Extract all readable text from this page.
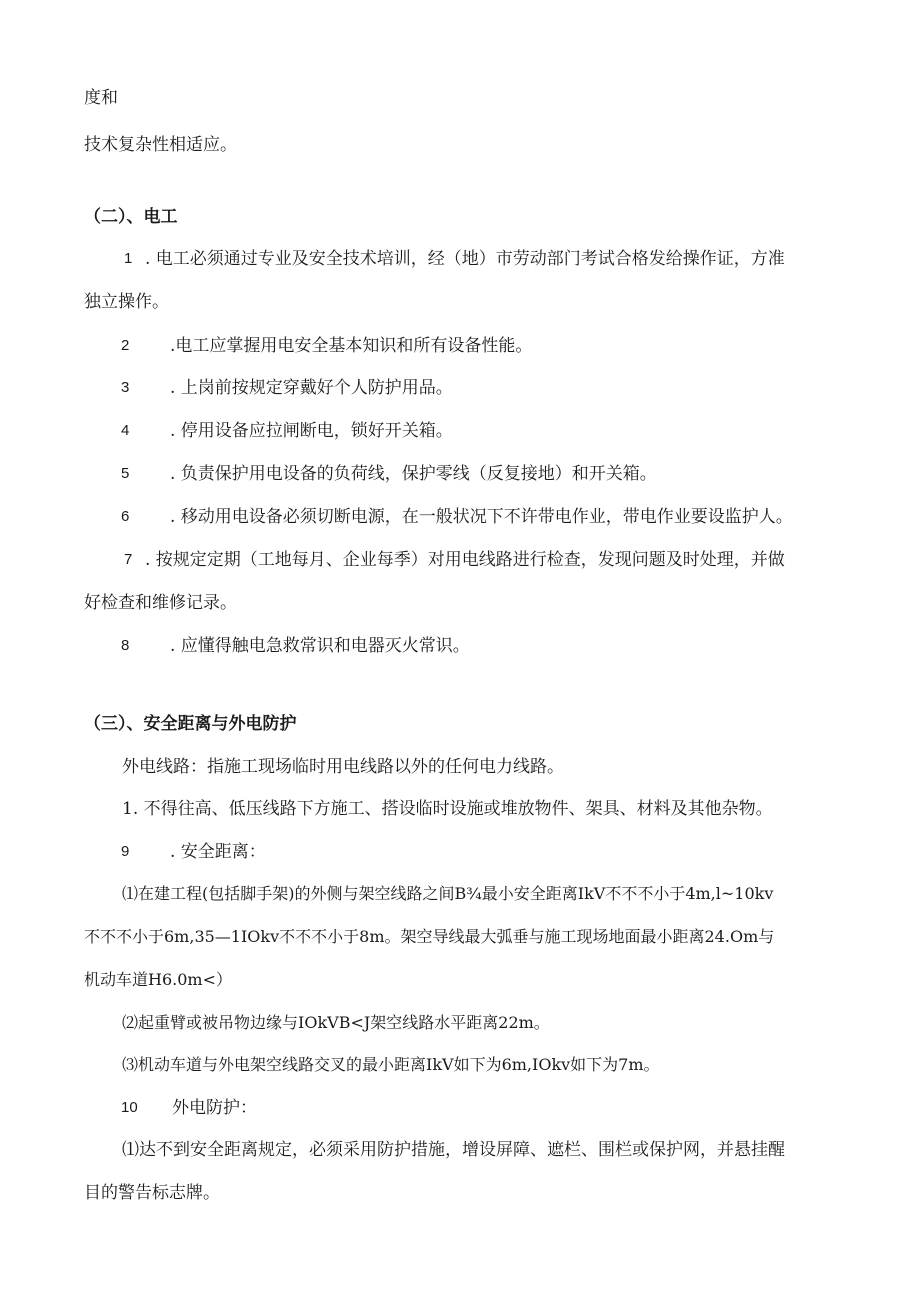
度和
技术复杂性相适应。
（二）、电工
1 . 电工必须通过专业及安全技术培训，经（地）市劳动部门考试合格发给操作证，方准
独立操作。
2 .电工应掌握用电安全基本知识和所有设备性能。
3 . 上岗前按规定穿戴好个人防护用品。
4 . 停用设备应拉闸断电，锁好开关箱。
5 . 负责保护用电设备的负荷线，保护零线（反复接地）和开关箱。
6 . 移动用电设备必须切断电源，在一般状况下不许带电作业，带电作业要设监护人。
7 . 按规定定期（工地每月、企业每季）对用电线路进行检查，发现问题及时处理，并做
好检查和维修记录。
8 . 应懂得触电急救常识和电器灭火常识。
（三）、安全距离与外电防护
外电线路：指施工现场临时用电线路以外的任何电力线路。
1. 不得往高、低压线路下方施工、搭设临时设施或堆放物件、架具、材料及其他杂物。
9 . 安全距离：
⑴在建工程(包括脚手架)的外侧与架空线路之间B¾最小安全距离IkV不不不小于4m,l~10kv
不不不小于6m,35—1IOkv不不不小于8m。架空导线最大弧垂与施工现场地面最小距离24.Om与
机动车道H6.0m<）
⑵起重臂或被吊物边缘与IOkVB<J架空线路水平距离22m。
⑶机动车道与外电架空线路交叉的最小距离IkV如下为6m,IOkv如下为7m。
10 外电防护：
⑴达不到安全距离规定，必须采用防护措施，增设屏障、遮栏、围栏或保护网，并悬挂醒
目的警告标志牌。
